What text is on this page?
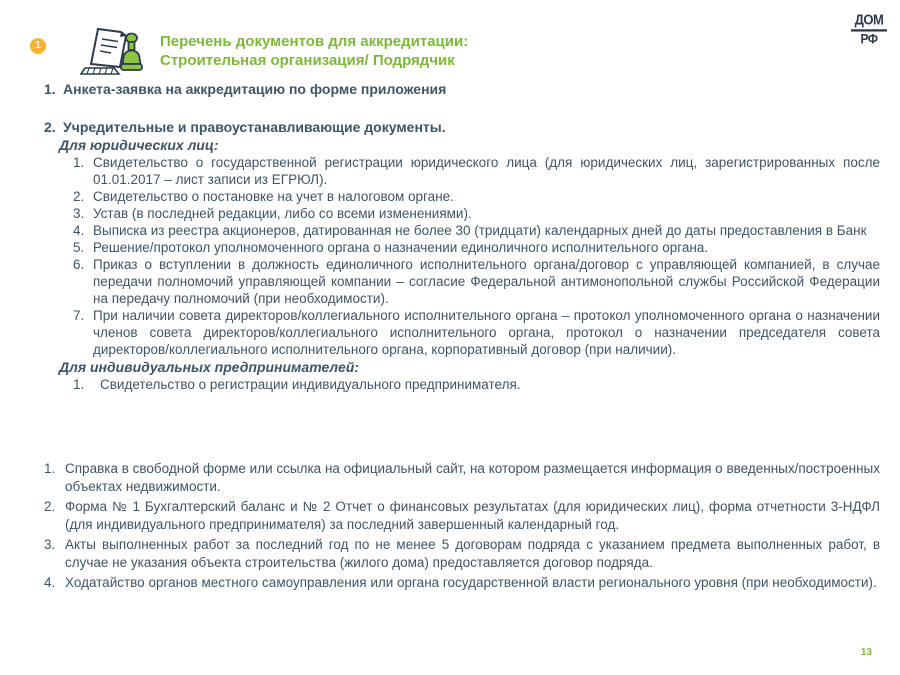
1	Перечень документов для аккредитации:
Строительная организация/ Подрядчик
ДОМ
РФ
1. Анкета-заявка на аккредитацию по форме приложения
2. Учредительные и правоустанавливающие документы.
Для юридических лиц:
1. Свидетельство о государственной регистрации юридического лица (для юридических лиц, зарегистрированных после 01.01.2017 – лист записи из ЕГРЮЛ).
2. Свидетельство о постановке на учет в налоговом органе.
3. Устав (в последней редакции, либо со всеми изменениями).
4. Выписка из реестра акционеров, датированная не более 30 (тридцати) календарных дней до даты предоставления в Банк
5. Решение/протокол уполномоченного органа о назначении единоличного исполнительного органа.
6. Приказ о вступлении в должность единоличного исполнительного органа/договор с управляющей компанией, в случае передачи полномочий управляющей компании – согласие Федеральной антимонопольной службы Российской Федерации на передачу полномочий (при необходимости).
7. При наличии совета директоров/коллегиального исполнительного органа – протокол уполномоченного органа о назначении членов совета директоров/коллегиального исполнительного органа, протокол о назначении председателя совета директоров/коллегиального исполнительного органа, корпоративный договор (при наличии).
Для индивидуальных предпринимателей:
1.	Свидетельство о регистрации индивидуального предпринимателя.
1. Справка в свободной форме или ссылка на официальный сайт, на котором размещается информация о введенных/построенных объектах недвижимости.
2. Форма № 1 Бухгалтерский баланс и № 2 Отчет о финансовых результатах (для юридических лиц), форма отчетности 3-НДФЛ (для индивидуального предпринимателя) за последний завершенный календарный год.
3. Акты выполненных работ за последний год по не менее 5 договорам подряда с указанием предмета выполненных работ, в случае не указания объекта строительства (жилого дома) предоставляется договор подряда.
4. Ходатайство органов местного самоуправления или органа государственной власти регионального уровня (при необходимости).
13
